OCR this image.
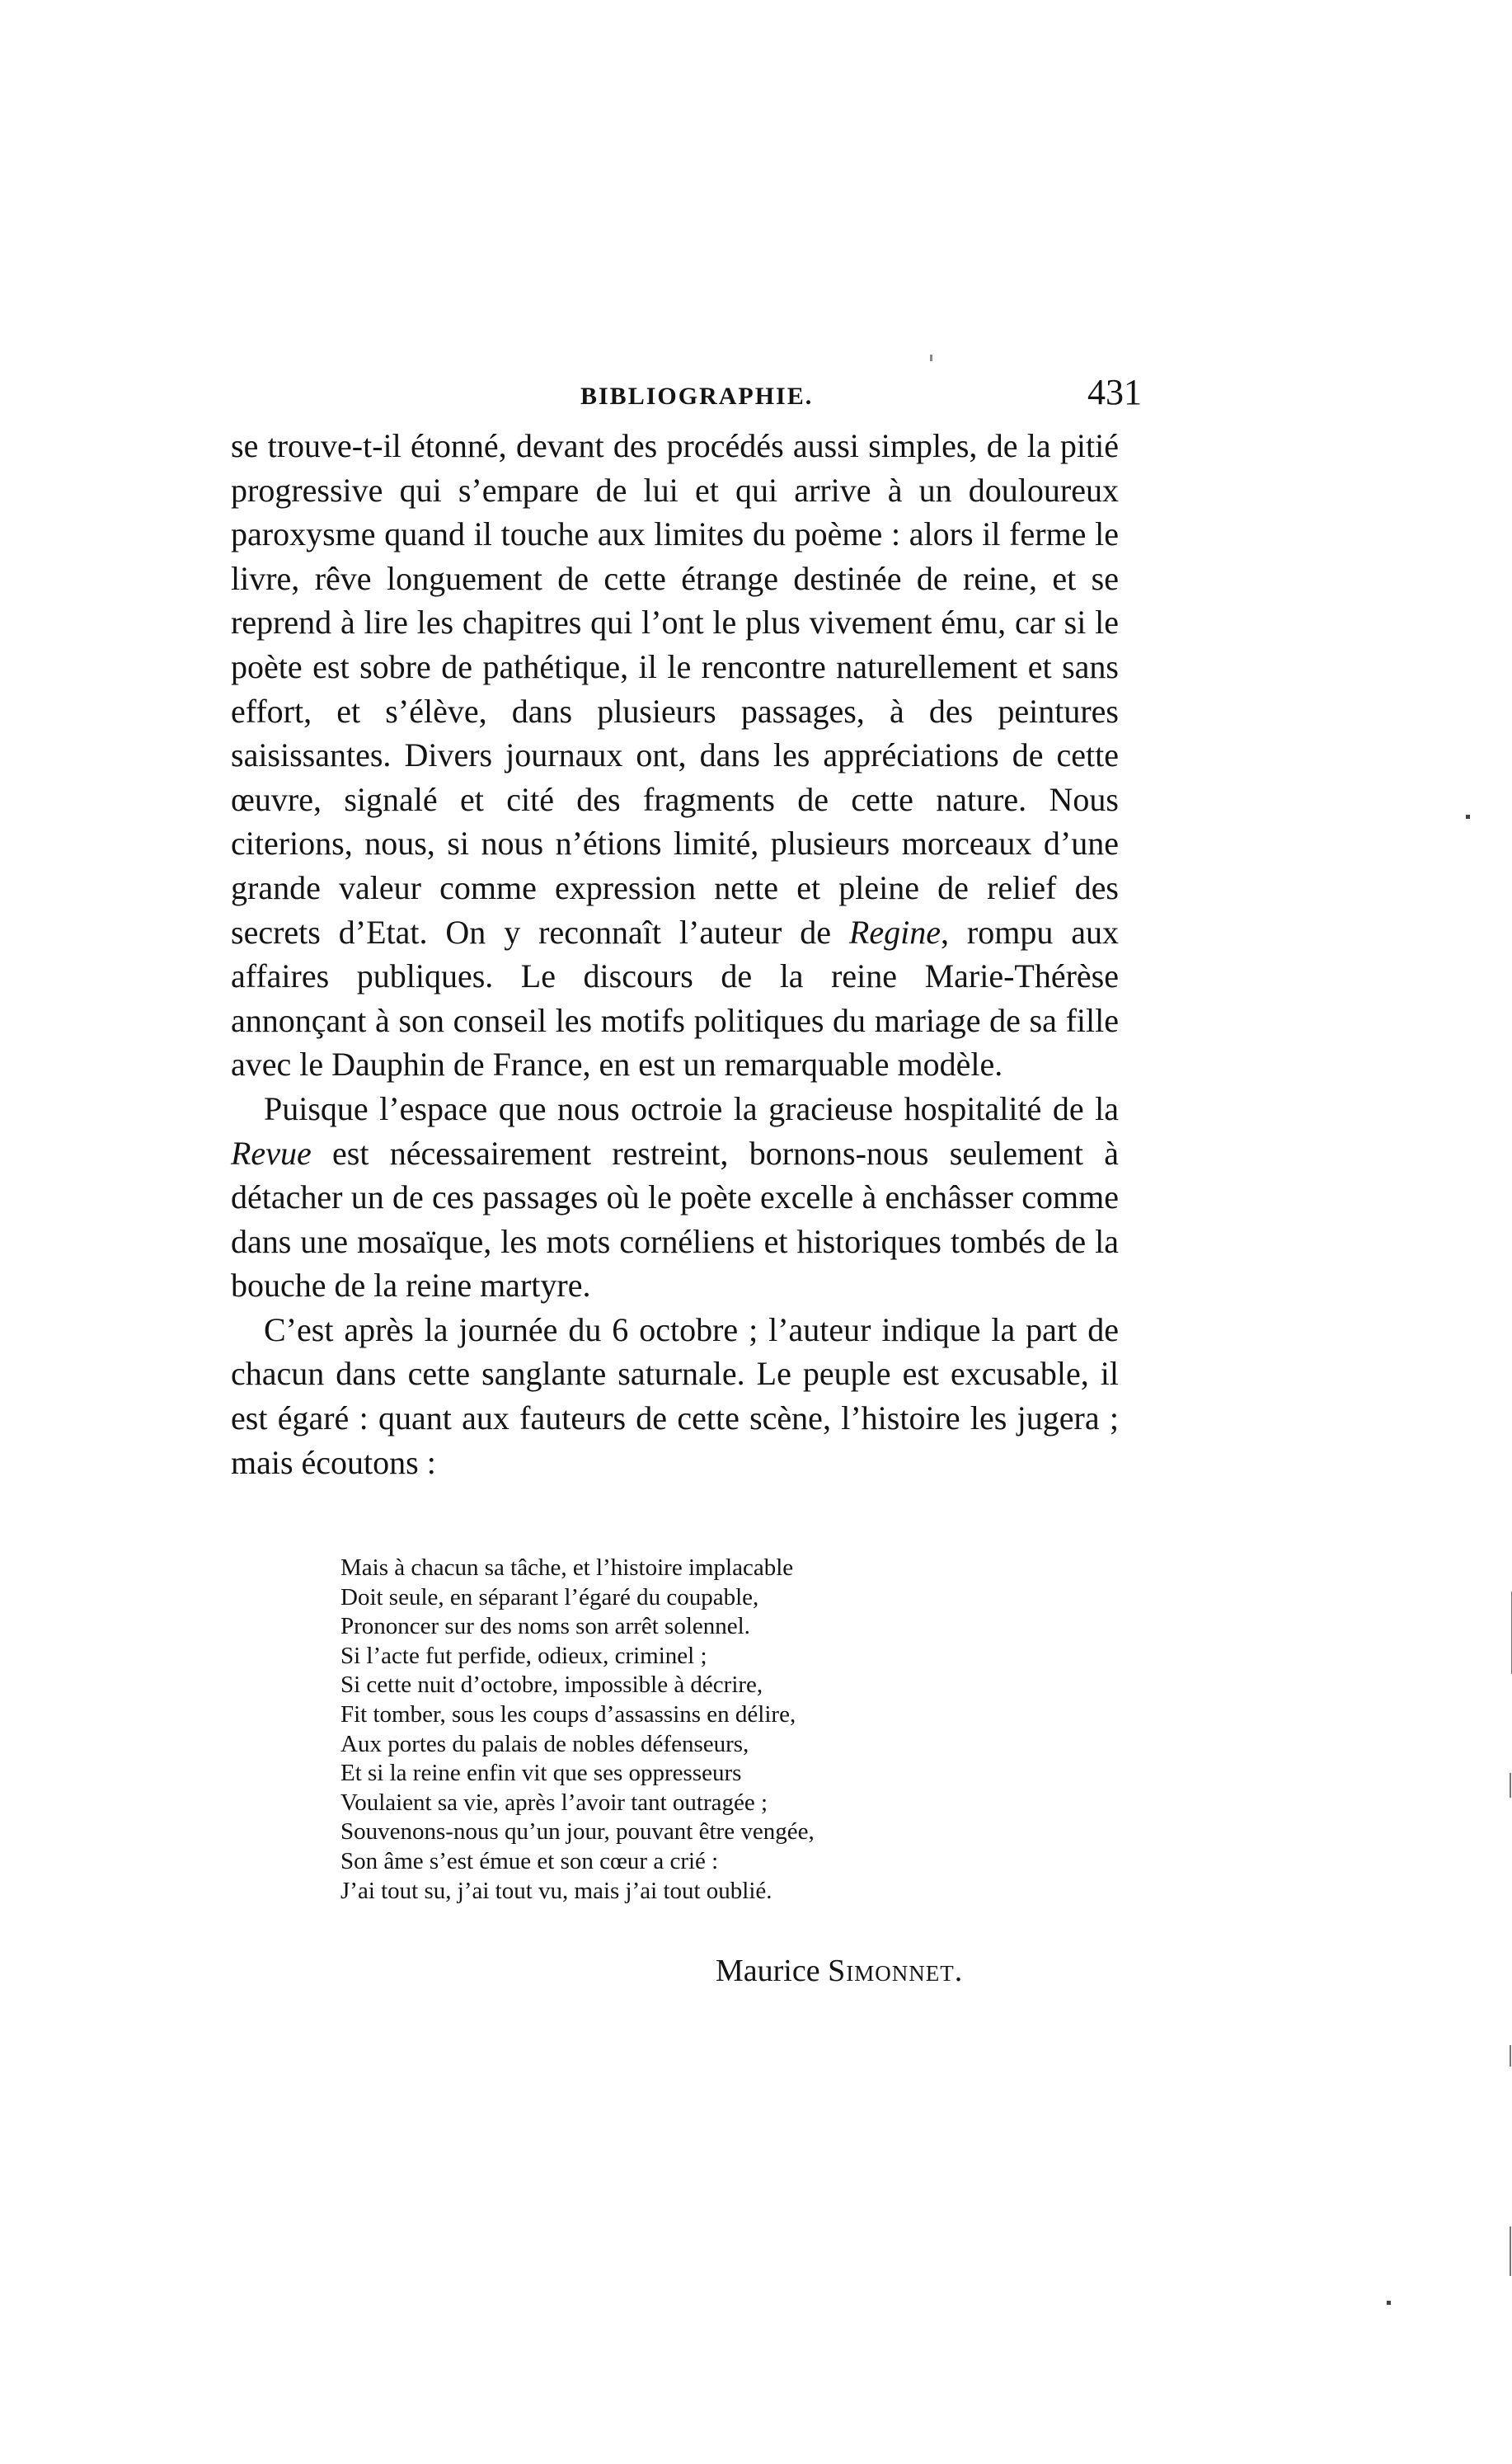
BIBLIOGRAPHIE.	431

se trouve-t-il étonné, devant des procédés aussi simples, de la pitié progressive qui s’empare de lui et qui arrive à un douloureux paroxysme quand il touche aux limites du poème : alors il ferme le livre, rêve longuement de cette étrange destinée de reine, et se reprend à lire les chapitres qui l’ont le plus vivement ému, car si le poète est sobre de pathétique, il le rencontre naturellement et sans effort, et s’élève, dans plusieurs passages, à des peintures saisissantes. Divers journaux ont, dans les appréciations de cette œuvre, signalé et cité des fragments de cette nature. Nous citerions, nous, si nous n’étions limité, plusieurs morceaux d’une grande valeur comme expression nette et pleine de relief des secrets d’Etat. On y reconnaît l’auteur de Regine, rompu aux affaires publiques. Le discours de la reine Marie-Thérèse annonçant à son conseil les motifs politiques du mariage de sa fille avec le Dauphin de France, en est un remarquable modèle.

Puisque l’espace que nous octroie la gracieuse hospitalité de la Revue est nécessairement restreint, bornons-nous seulement à détacher un de ces passages où le poète excelle à enchâsser comme dans une mosaïque, les mots cornéliens et historiques tombés de la bouche de la reine martyre.

C’est après la journée du 6 octobre ; l’auteur indique la part de chacun dans cette sanglante saturnale. Le peuple est excusable, il est égaré : quant aux fauteurs de cette scène, l’histoire les jugera ; mais écoutons :

Mais à chacun sa tâche, et l’histoire implacable
Doit seule, en séparant l’égaré du coupable,
Prononcer sur des noms son arrêt solennel.
Si l’acte fut perfide, odieux, criminel ;
Si cette nuit d’octobre, impossible à décrire,
Fit tomber, sous les coups d’assassins en délire,
Aux portes du palais de nobles défenseurs,
Et si la reine enfin vit que ses oppresseurs
Voulaient sa vie, après l’avoir tant outragée ;
Souvenons-nous qu’un jour, pouvant être vengée,
Son âme s’est émue et son cœur a crié :
J’ai tout su, j’ai tout vu, mais j’ai tout oublié.
Maurice Simonnet.
